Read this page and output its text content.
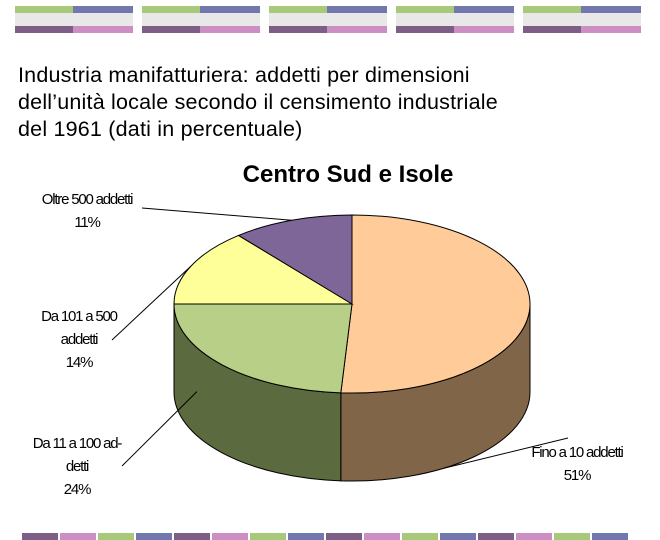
Industria manifatturiera: addetti per dimensioni
dell’unità locale secondo il censimento industriale
del 1961 (dati in percentuale)
Centro Sud e Isole
Oltre 500 addetti
11%
Da 101 a 500
addetti
14%
Da 11 a 100 ad-
detti
24%
Fino a 10 addetti
51%
